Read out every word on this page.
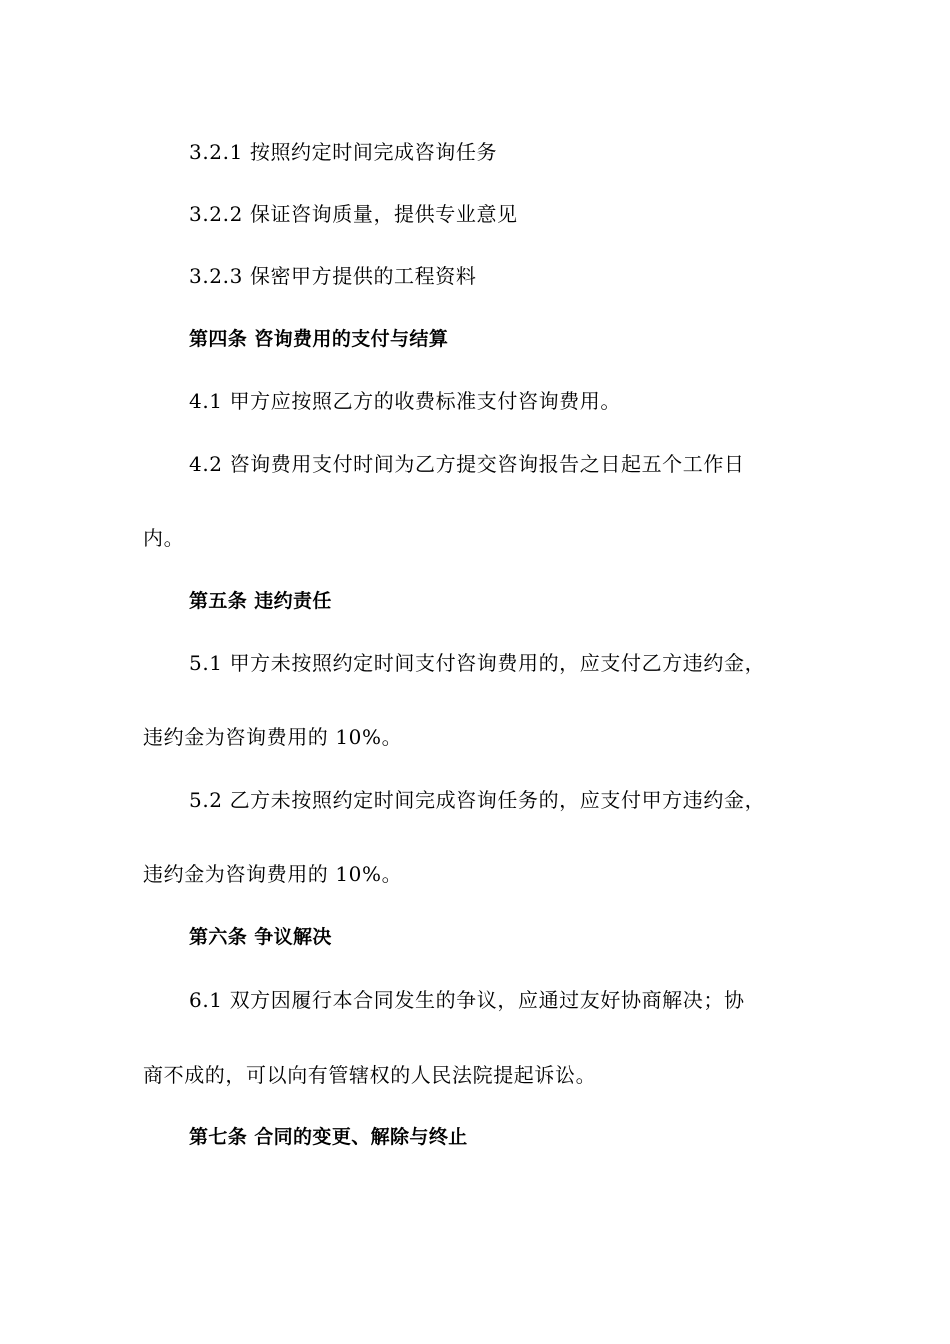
3.2.1 按照约定时间完成咨询任务
3.2.2 保证咨询质量，提供专业意见
3.2.3 保密甲方提供的工程资料
第四条 咨询费用的支付与结算
4.1 甲方应按照乙方的收费标准支付咨询费用。
4.2 咨询费用支付时间为乙方提交咨询报告之日起五个工作日
内。
第五条 违约责任
5.1 甲方未按照约定时间支付咨询费用的，应支付乙方违约金，
违约金为咨询费用的 10%。
5.2 乙方未按照约定时间完成咨询任务的，应支付甲方违约金，
违约金为咨询费用的 10%。
第六条 争议解决
6.1 双方因履行本合同发生的争议，应通过友好协商解决；协
商不成的，可以向有管辖权的人民法院提起诉讼。
第七条 合同的变更、解除与终止
